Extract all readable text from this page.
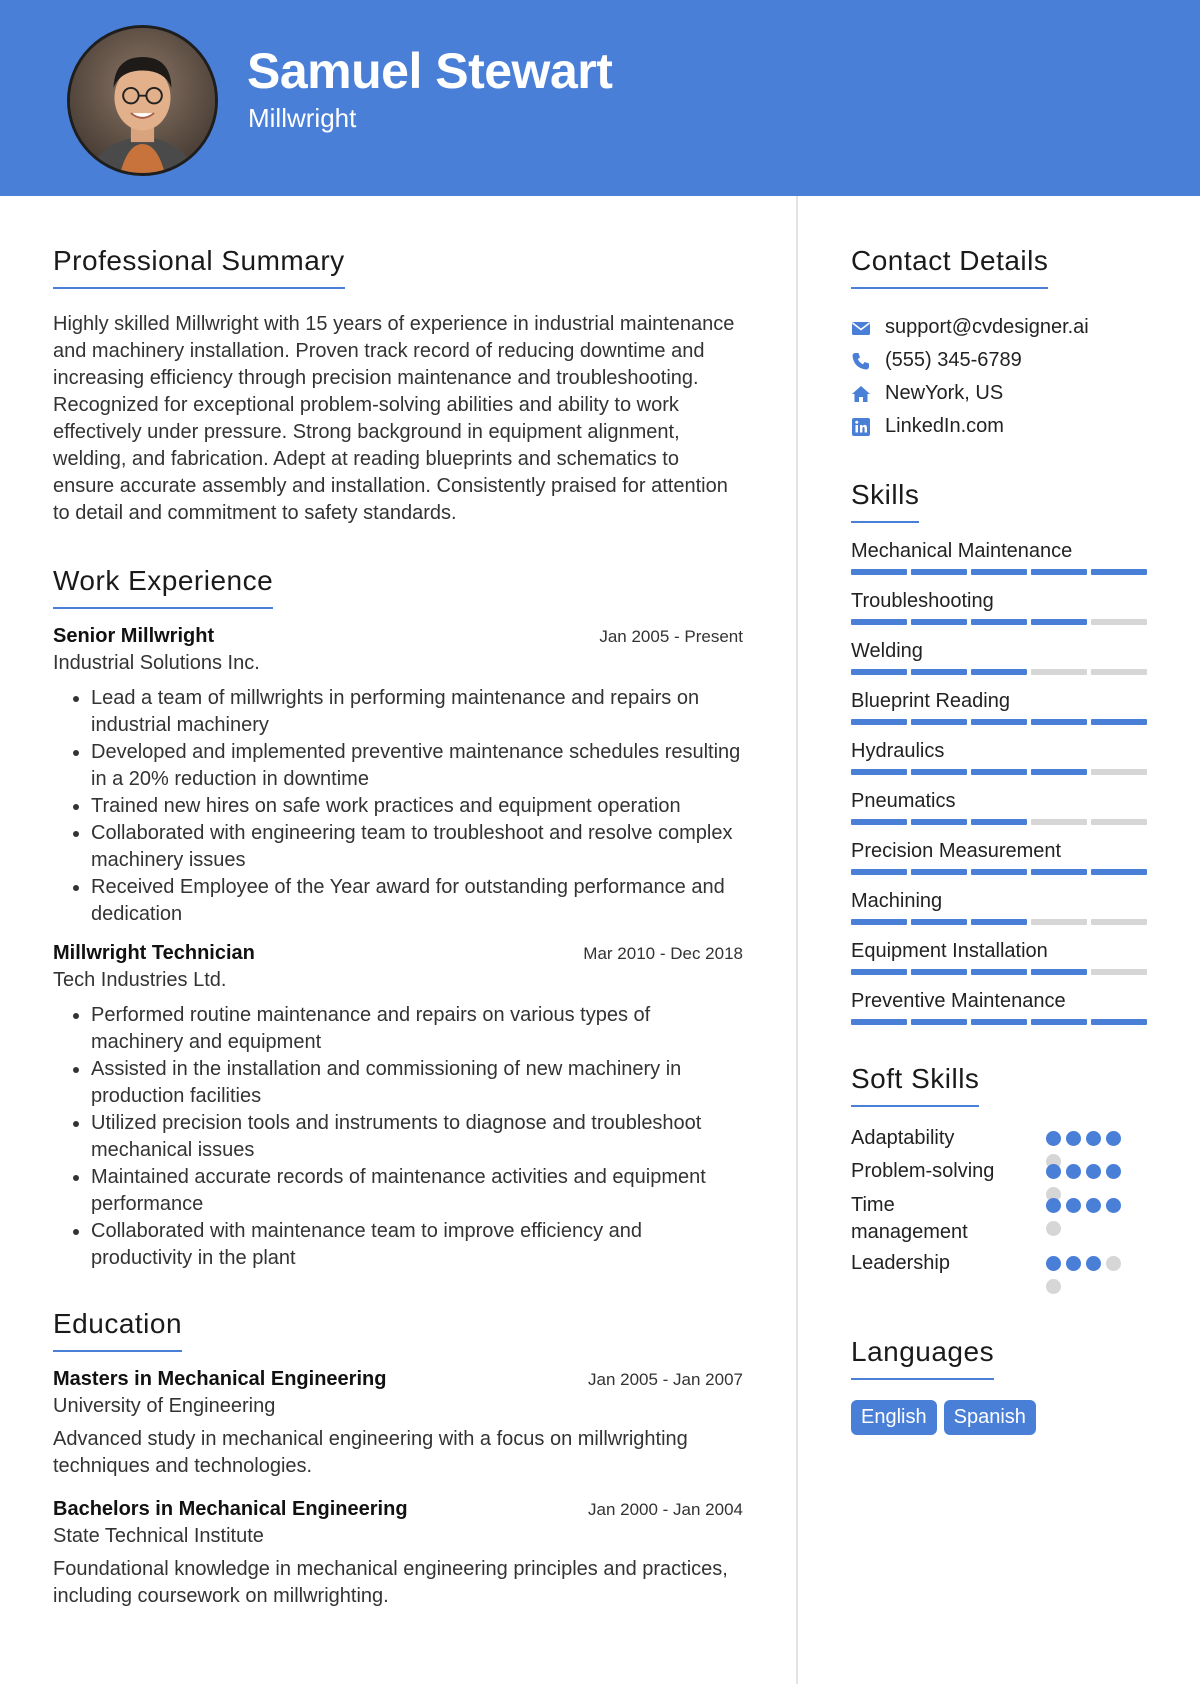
Samuel Stewart
Millwright
Professional Summary

Highly skilled Millwright with 15 years of experience in industrial maintenance and machinery installation. Proven track record of reducing downtime and increasing efficiency through precision maintenance and troubleshooting. Recognized for exceptional problem-solving abilities and ability to work effectively under pressure. Strong background in equipment alignment, welding, and fabrication. Adept at reading blueprints and schematics to ensure accurate assembly and installation. Consistently praised for attention to detail and commitment to safety standards.

Work Experience
Senior Millwright	Jan 2005 - Present
Industrial Solutions Inc.
• Lead a team of millwrights in performing maintenance and repairs on industrial machinery
• Developed and implemented preventive maintenance schedules resulting in a 20% reduction in downtime
• Trained new hires on safe work practices and equipment operation
• Collaborated with engineering team to troubleshoot and resolve complex machinery issues
• Received Employee of the Year award for outstanding performance and dedication
Millwright Technician	Mar 2010 - Dec 2018
Tech Industries Ltd.
• Performed routine maintenance and repairs on various types of machinery and equipment
• Assisted in the installation and commissioning of new machinery in production facilities
• Utilized precision tools and instruments to diagnose and troubleshoot mechanical issues
• Maintained accurate records of maintenance activities and equipment performance
• Collaborated with maintenance team to improve efficiency and productivity in the plant
Education
Masters in Mechanical Engineering	Jan 2005 - Jan 2007
University of Engineering

Advanced study in mechanical engineering with a focus on millwrighting techniques and technologies.

Bachelors in Mechanical Engineering	Jan 2000 - Jan 2004
State Technical Institute

Foundational knowledge in mechanical engineering principles and practices, including coursework on millwrighting.

Contact Details
support@cvdesigner.ai
(555) 345-6789
NewYork, US
LinkedIn.com
Skills
Mechanical Maintenance
Troubleshooting
Welding
Blueprint Reading
Hydraulics
Pneumatics
Precision Measurement
Machining
Equipment Installation
Preventive Maintenance
Soft Skills
Adaptability
Problem-solving
Time management
Leadership
Languages
English	Spanish
